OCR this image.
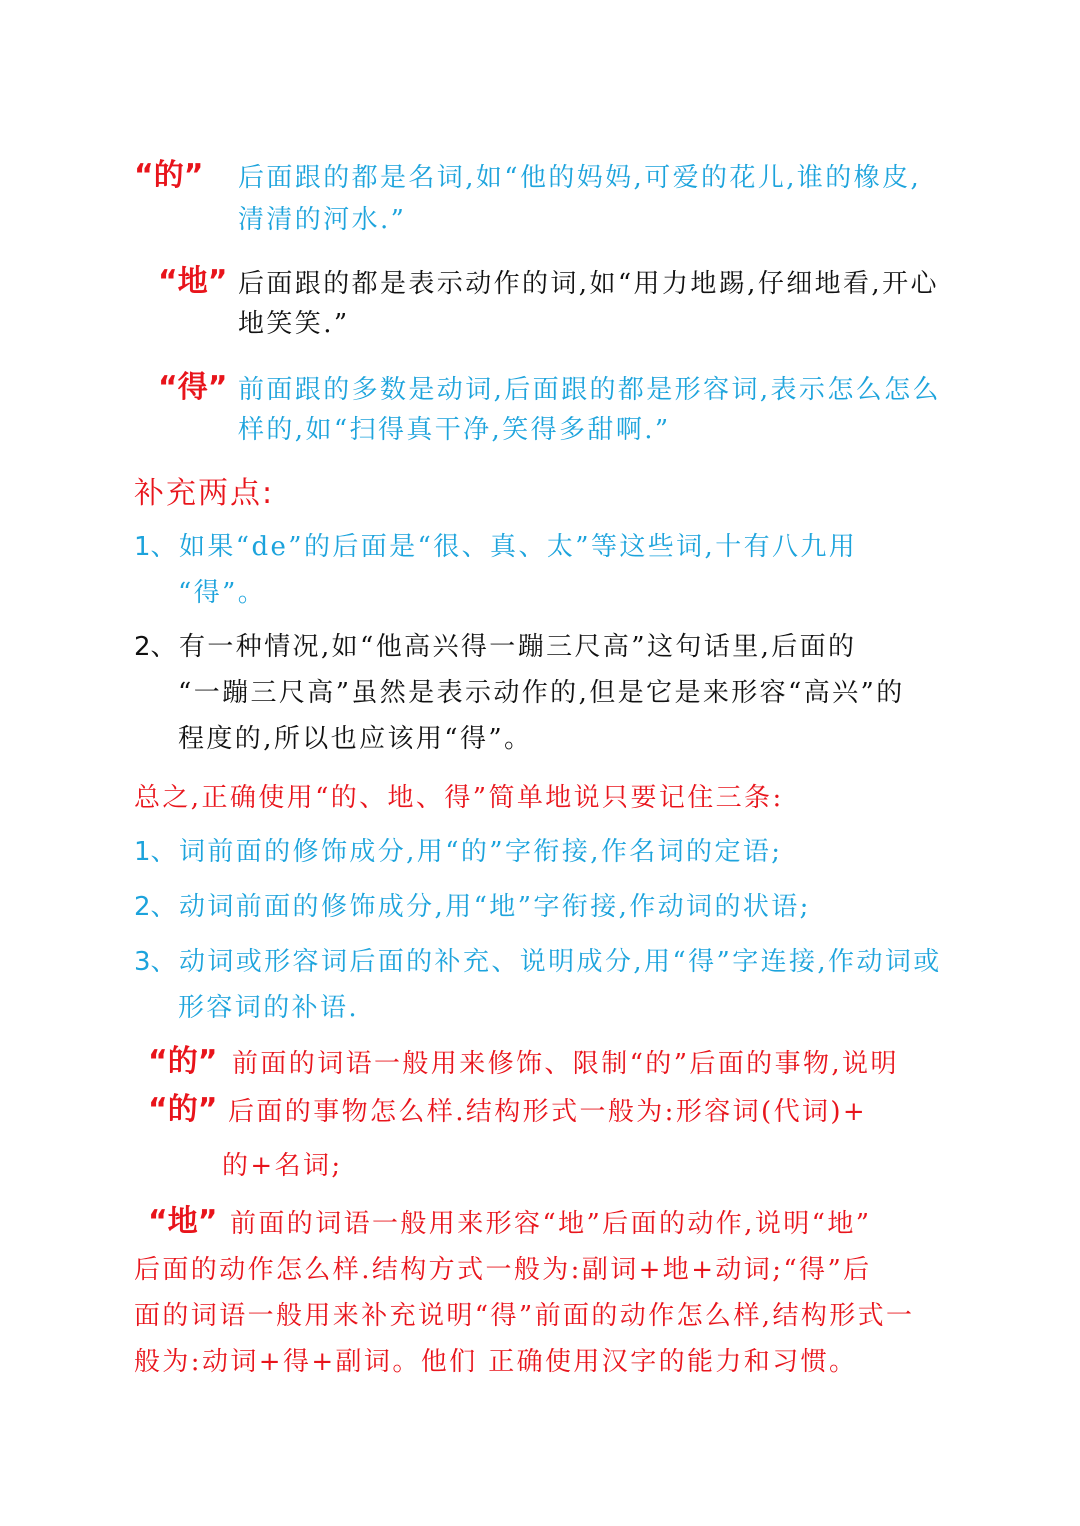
“的” 后面跟的都是名词,如“他的妈妈,可爱的花儿,谁的橡皮,
清清的河水.”
“地” 后面跟的都是表示动作的词,如“用力地踢,仔细地看,开心
地笑笑.”
“得” 前面跟的多数是动词,后面跟的都是形容词,表示怎么怎么
样的,如“扫得真干净,笑得多甜啊.”
补充两点:
1、如果“de”的后面是“很、真、太”等这些词,十有八九用
“得”。
2、有一种情况,如“他高兴得一蹦三尺高”这句话里,后面的
“一蹦三尺高”虽然是表示动作的,但是它是来形容“高兴”的
程度的,所以也应该用“得”。
总之,正确使用“的、地、得”简单地说只要记住三条:
1、词前面的修饰成分,用“的”字衔接,作名词的定语;
2、动词前面的修饰成分,用“地”字衔接,作动词的状语;
3、动词或形容词后面的补充、说明成分,用“得”字连接,作动词或
形容词的补语.
“的”
“的”
前面的词语一般用来修饰、限制“的”后面的事物,说明
后面的事物怎么样.结构形式一般为:形容词(代词)+
的+名词;
“地” 前面的词语一般用来形容“地”后面的动作,说明“地”
后面的动作怎么样.结构方式一般为:副词+地+动词;“得”后
面的词语一般用来补充说明“得”前面的动作怎么样,结构形式一
般为:动词+得+副词。他们 正确使用汉字的能力和习惯。
